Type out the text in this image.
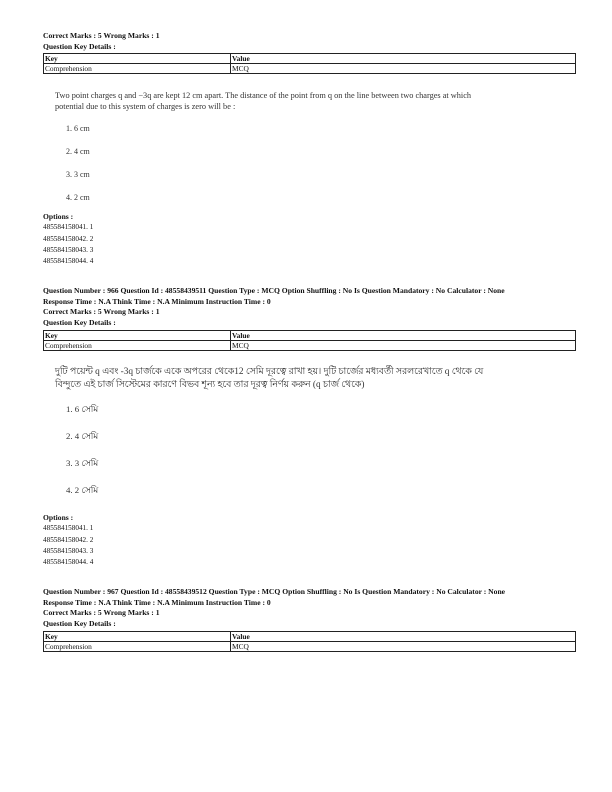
Correct Marks : 5 Wrong Marks : 1
Question Key Details :
Key	Value
Comprehension	MCQ

Two point charges q and −3q are kept 12 cm apart. The distance of the point from q on the line between two charges at which potential due to this system of charges is zero will be :

1. 6 cm
2. 4 cm
3. 3 cm
4. 2 cm
Options :
485584158041. 1
485584158042. 2
485584158043. 3
485584158044. 4
Question Number : 966 Question Id : 48558439511 Question Type : MCQ Option Shuffling : No Is Question Mandatory : No Calculator : None
Response Time : N.A Think Time : N.A Minimum Instruction Time : 0
Correct Marks : 5 Wrong Marks : 1
Question Key Details :
Key	Value
Comprehension	MCQ

দুটি পয়েন্ট q এবং -3q চার্জকে একে অপরের থেকে12 সেমি দূরত্বে রাখা হয়। দুটি চার্জের মধ্যবর্তী সরলরেখাতে q থেকে যে বিন্দুতে এই চার্জ সিস্টেমের কারণে বিভব শূন্য হবে তার দূরত্ব নির্ণয় করুন (q চার্জ থেকে)

1. 6 সেমি
2. 4 সেমি
3. 3 সেমি
4. 2 সেমি
Options :
485584158041. 1
485584158042. 2
485584158043. 3
485584158044. 4
Question Number : 967 Question Id : 48558439512 Question Type : MCQ Option Shuffling : No Is Question Mandatory : No Calculator : None
Response Time : N.A Think Time : N.A Minimum Instruction Time : 0
Correct Marks : 5 Wrong Marks : 1
Question Key Details :
Key	Value
Comprehension	MCQ
